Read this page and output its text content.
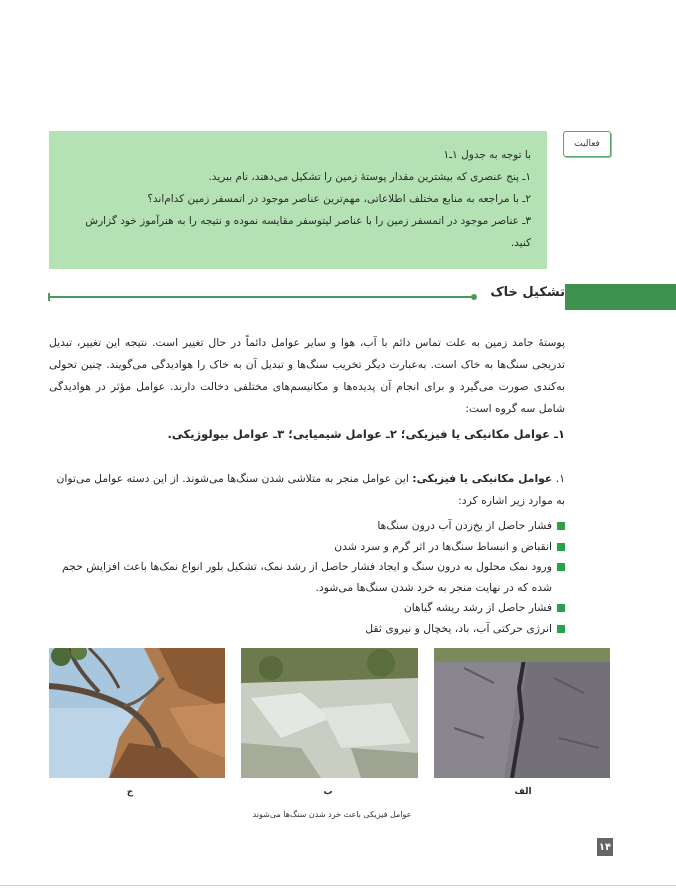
فعالیت

با توجه به جدول ۱ـ۱

۱ـ پنج عنصری که بیشترین مقدار پوستهٔ زمین را تشکیل می‌دهند، نام ببرید.

۲ـ با مراجعه به منابع مختلف اطلاعاتی، مهم‌ترین عناصر موجود در اتمسفر زمین کدام‌اند؟

۳ـ عناصر موجود در اتمسفر زمین را با عناصر لیتوسفر مقایسه نموده و نتیجه را به هنرآموز خود گزارش کنید.

تشکیل خاک

پوستهٔ جامد زمین به علت تماس دائم با آب، هوا و سایر عوامل دائماً در حال تغییر است. نتیجه این تغییر، تبدیل تدریجی سنگ‌ها به خاک است. به‌عبارت دیگر تخریب سنگ‌ها و تبدیل آن به خاک را هوادیدگی می‌گویند. چنین تحولی به‌کندی صورت می‌گیرد و برای انجام آن پدیده‌ها و مکانیسم‌های مختلفی دخالت دارند. عوامل مؤثر در هوادیدگی شامل سه گروه است:

۱ـ عوامل مکانیکی یا فیزیکی؛ ۲ـ عوامل شیمیایی؛ ۳ـ عوامل بیولوژیکی.

۱. عوامل مکانیکی یا فیزیکی: این عوامل منجر به متلاشی شدن سنگ‌ها می‌شوند. از این دسته عوامل می‌توان به موارد زیر اشاره کرد:

فشار حاصل از یخ‌زدن آب درون سنگ‌ها
انقباض و انبساط سنگ‌ها در اثر گرم و سرد شدن
ورود نمک محلول به درون سنگ و ایجاد فشار حاصل از رشد نمک، تشکیل بلور انواع نمک‌ها باعث افزایش حجم شده که در نهایت منجر به خرد شدن سنگ‌ها می‌شود.
فشار حاصل از رشد ریشه گیاهان
انرژی حرکتی آب، باد، یخچال و نیروی ثقل
ج	ب	الف
عوامل فیزیکی باعث خرد شدن سنگ‌ها می‌شوند
۱۴
